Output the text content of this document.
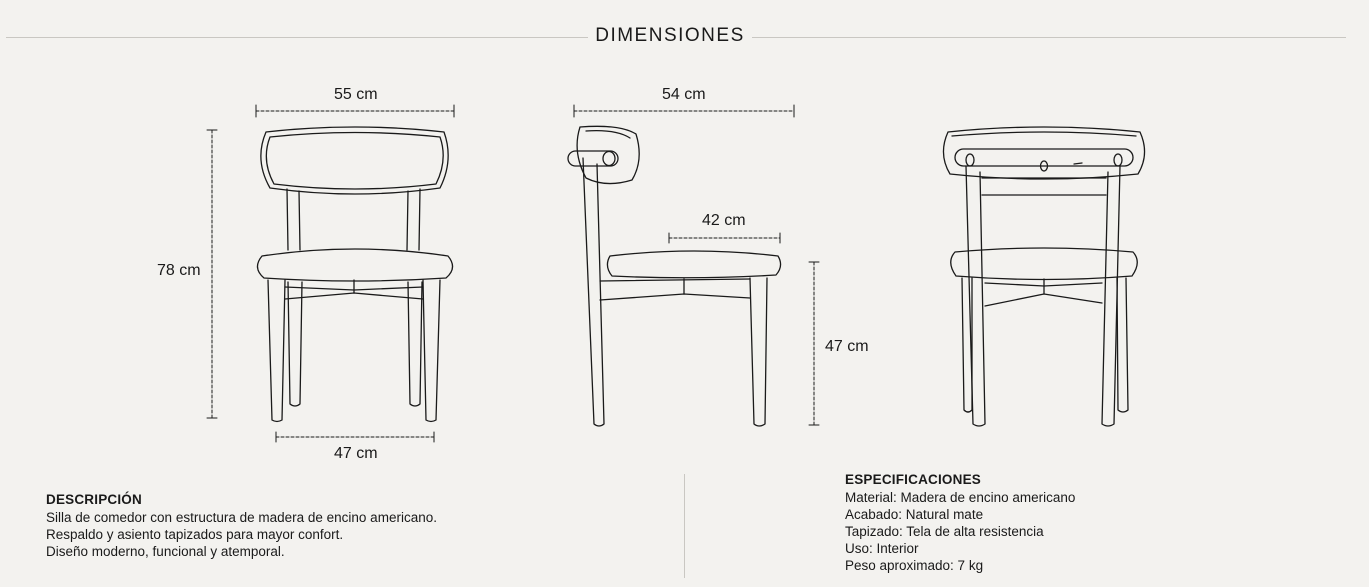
DIMENSIONES
55 cm
78 cm
47 cm
54 cm
42 cm
47 cm
DESCRIPCIÓN
Silla de comedor con estructura de madera de encino americano.
Respaldo y asiento tapizados para mayor confort.
Diseño moderno, funcional y atemporal.
ESPECIFICACIONES
Material: Madera de encino americano
Acabado: Natural mate
Tapizado: Tela de alta resistencia
Uso: Interior
Peso aproximado: 7 kg
